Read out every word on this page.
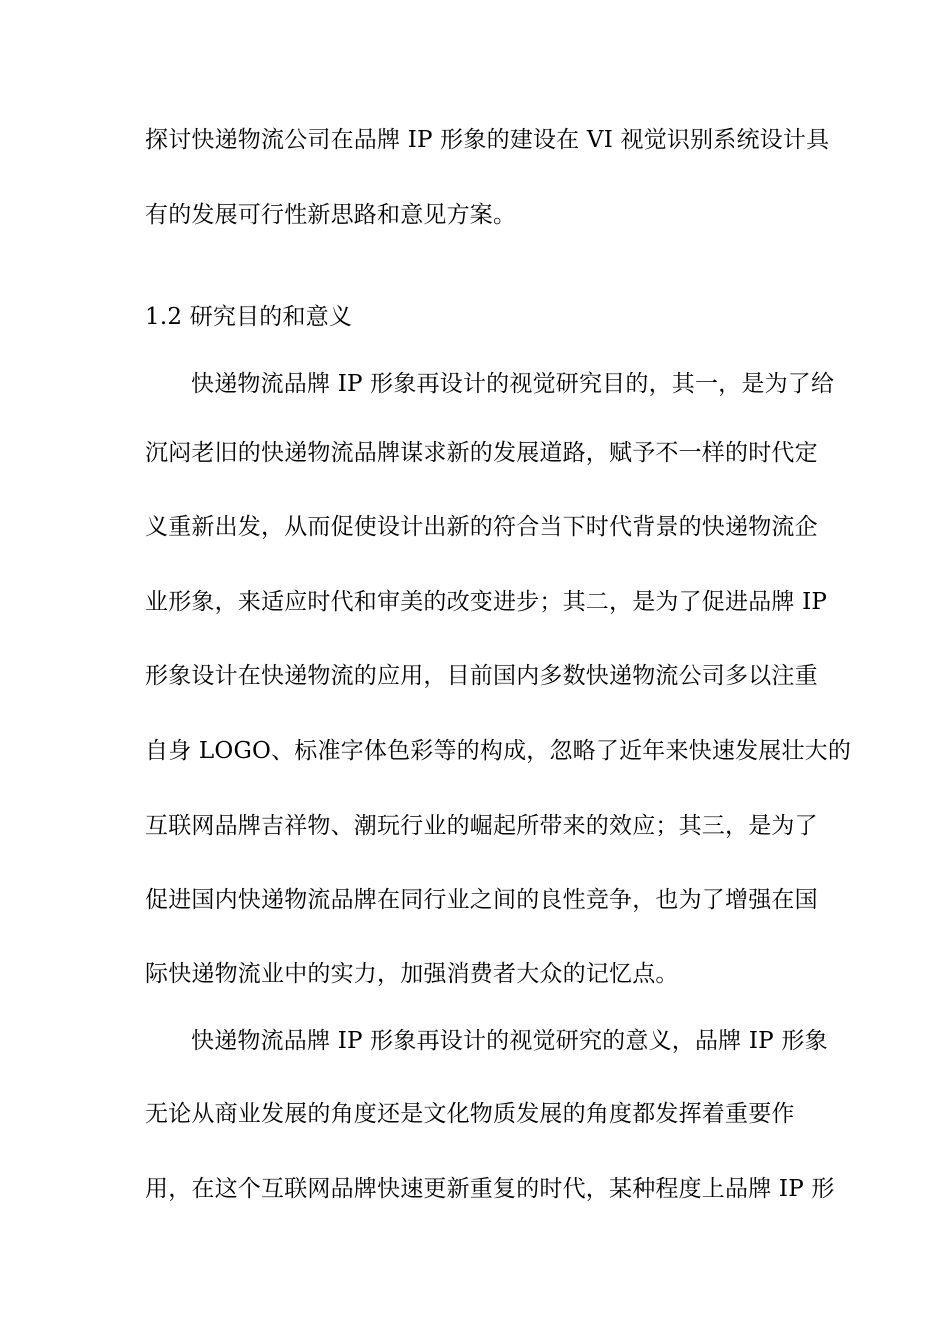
探讨快递物流公司在品牌 IP 形象的建设在 VI 视觉识别系统设计具
有的发展可行性新思路和意见方案。
1.2 研究目的和意义
快递物流品牌 IP 形象再设计的视觉研究目的，其一，是为了给
沉闷老旧的快递物流品牌谋求新的发展道路，赋予不一样的时代定
义重新出发，从而促使设计出新的符合当下时代背景的快递物流企
业形象，来适应时代和审美的改变进步；其二，是为了促进品牌 IP
形象设计在快递物流的应用，目前国内多数快递物流公司多以注重
自身 LOGO、标准字体色彩等的构成，忽略了近年来快速发展壮大的
互联网品牌吉祥物、潮玩行业的崛起所带来的效应；其三，是为了
促进国内快递物流品牌在同行业之间的良性竞争，也为了增强在国
际快递物流业中的实力，加强消费者大众的记忆点。
快递物流品牌 IP 形象再设计的视觉研究的意义，品牌 IP 形象
无论从商业发展的角度还是文化物质发展的角度都发挥着重要作
用，在这个互联网品牌快速更新重复的时代，某种程度上品牌 IP 形
